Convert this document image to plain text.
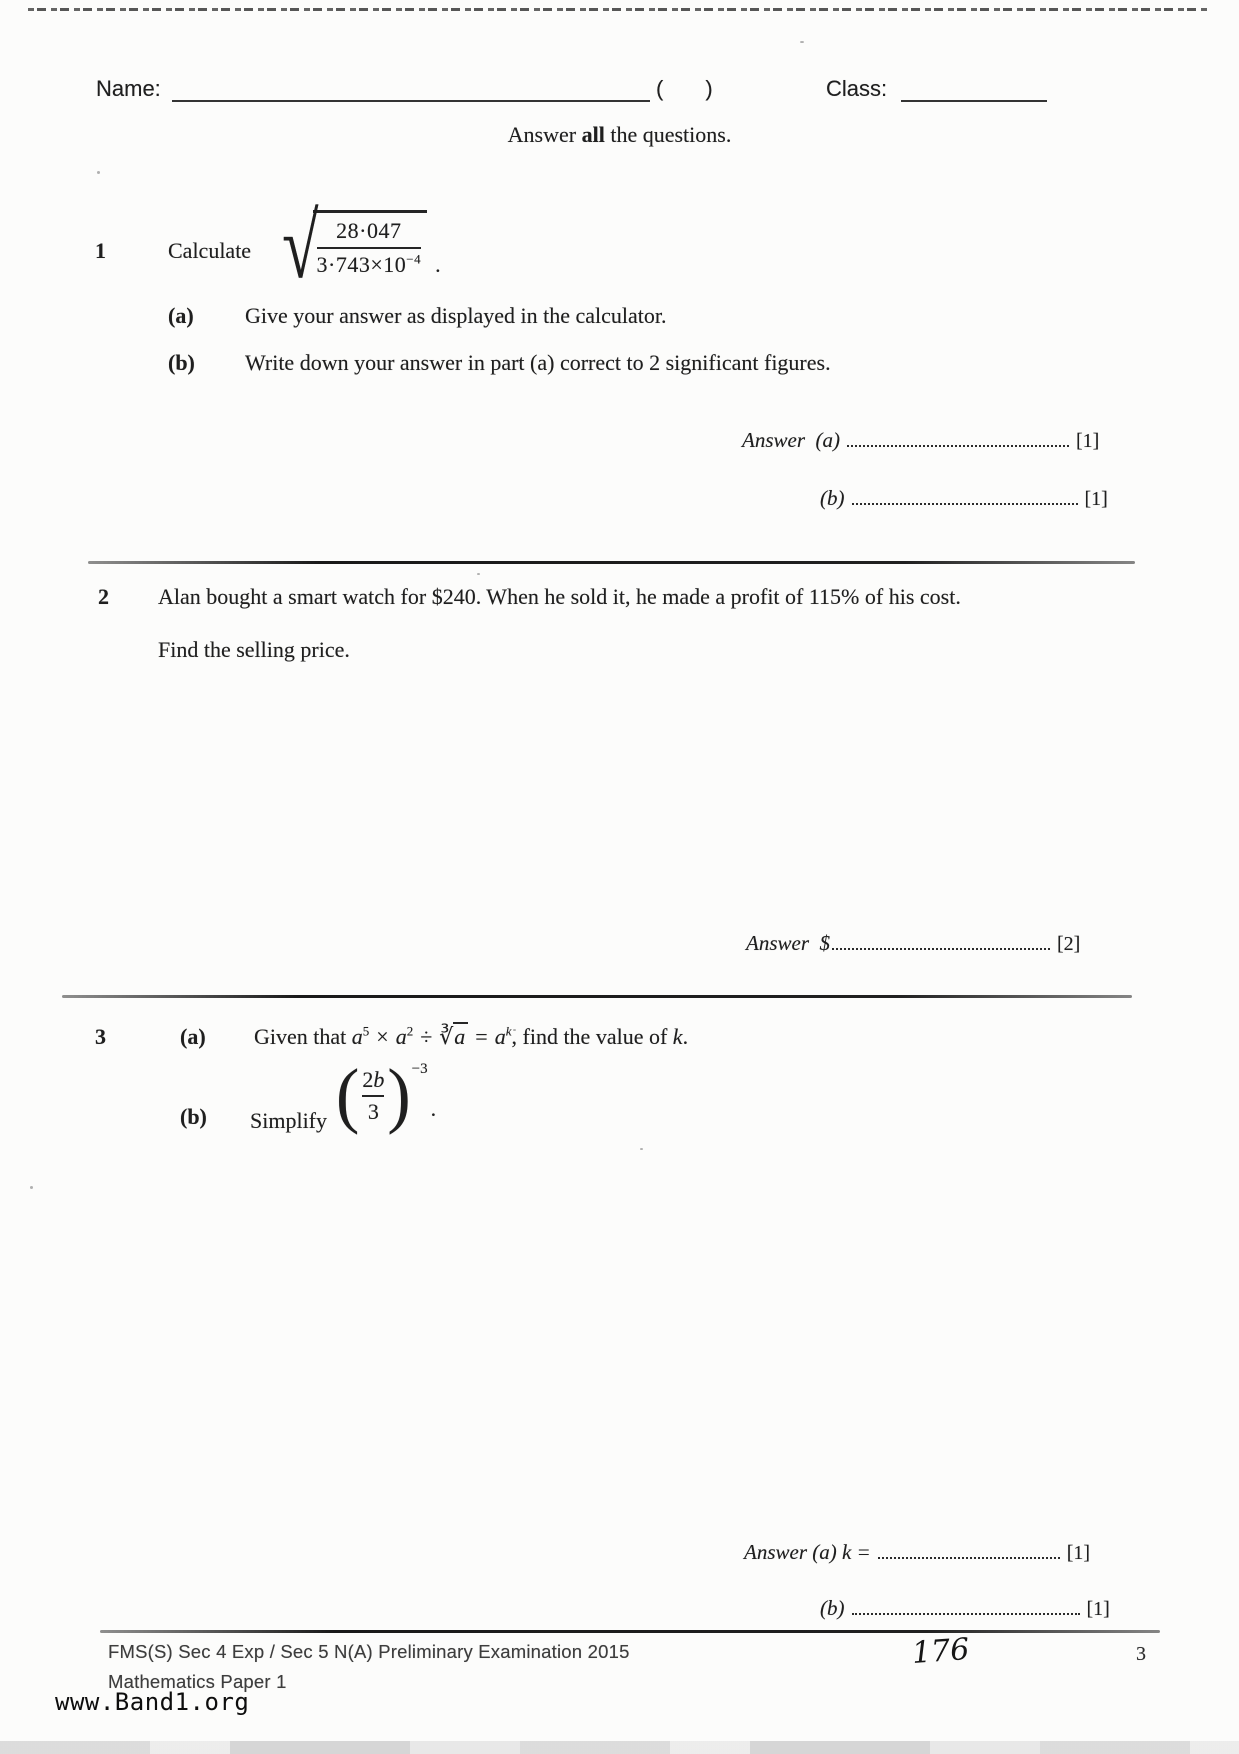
Name:	( )	Class:
Answer all the questions.
1	Calculate √
$\frac{28\cdot 047}{3\cdot 743\times 10^{-4}}$ .
(a) Give your answer as displayed in the calculator.
(b) Write down your answer in part (a) correct to 2 significant figures.
Answer  (a)	[1]
(b)	[1]
2 Alan bought a smart watch for $240. When he sold it, he made a profit of 115% of his cost.
Find the selling price.
Answer  $	[2]
3	(a) Given that $a^5 \times a^2$ ÷ ∛a = $a^k$, find the value of k.
(b) Simplify ( $\frac{2b}{3}$ ) −3
.
Answer (a) k =	[1]
(b)	[1]
FMS(S) Sec 4 Exp / Sec 5 N(A) Preliminary Examination 2015
Mathematics Paper 1
176	3
www.Band1.org
